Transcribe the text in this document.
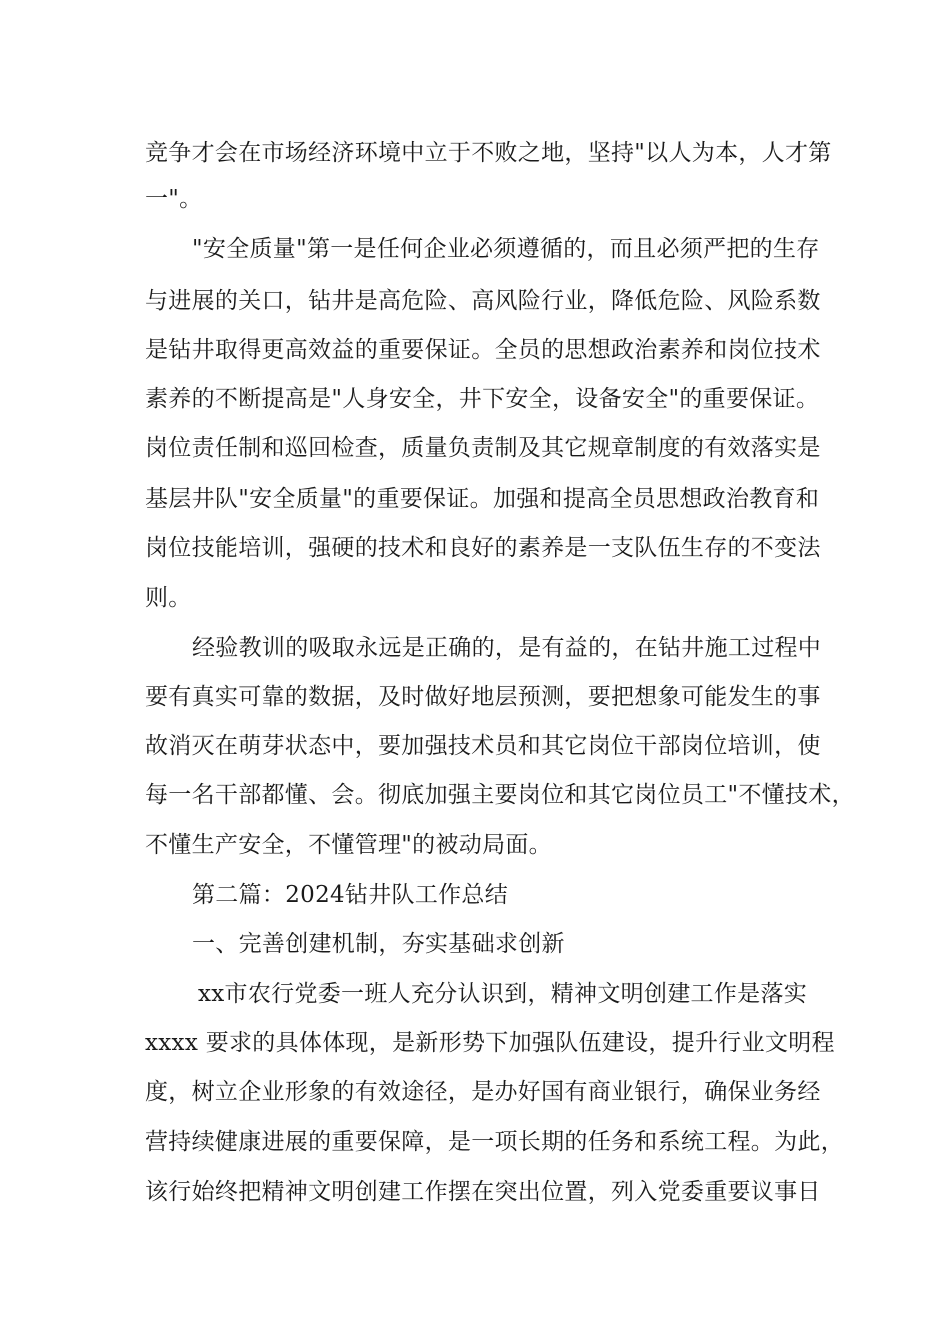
竞争才会在市场经济环境中立于不败之地，坚持"以人为本，人才第
一"。
"安全质量"第一是任何企业必须遵循的，而且必须严把的生存
与进展的关口，钻井是高危险、高风险行业，降低危险、风险系数
是钻井取得更高效益的重要保证。全员的思想政治素养和岗位技术
素养的不断提高是"人身安全，井下安全，设备安全"的重要保证。
岗位责任制和巡回检查，质量负责制及其它规章制度的有效落实是
基层井队"安全质量"的重要保证。加强和提高全员思想政治教育和
岗位技能培训，强硬的技术和良好的素养是一支队伍生存的不变法
则。
经验教训的吸取永远是正确的，是有益的，在钻井施工过程中
要有真实可靠的数据，及时做好地层预测，要把想象可能发生的事
故消灭在萌芽状态中，要加强技术员和其它岗位干部岗位培训，使
每一名干部都懂、会。彻底加强主要岗位和其它岗位员工"不懂技术，
不懂生产安全，不懂管理"的被动局面。
第二篇：2024钻井队工作总结
一、完善创建机制，夯实基础求创新
xx市农行党委一班人充分认识到，精神文明创建工作是落实
xxxx 要求的具体体现，是新形势下加强队伍建设，提升行业文明程
度，树立企业形象的有效途径，是办好国有商业银行，确保业务经
营持续健康进展的重要保障，是一项长期的任务和系统工程。为此，
该行始终把精神文明创建工作摆在突出位置，列入党委重要议事日
